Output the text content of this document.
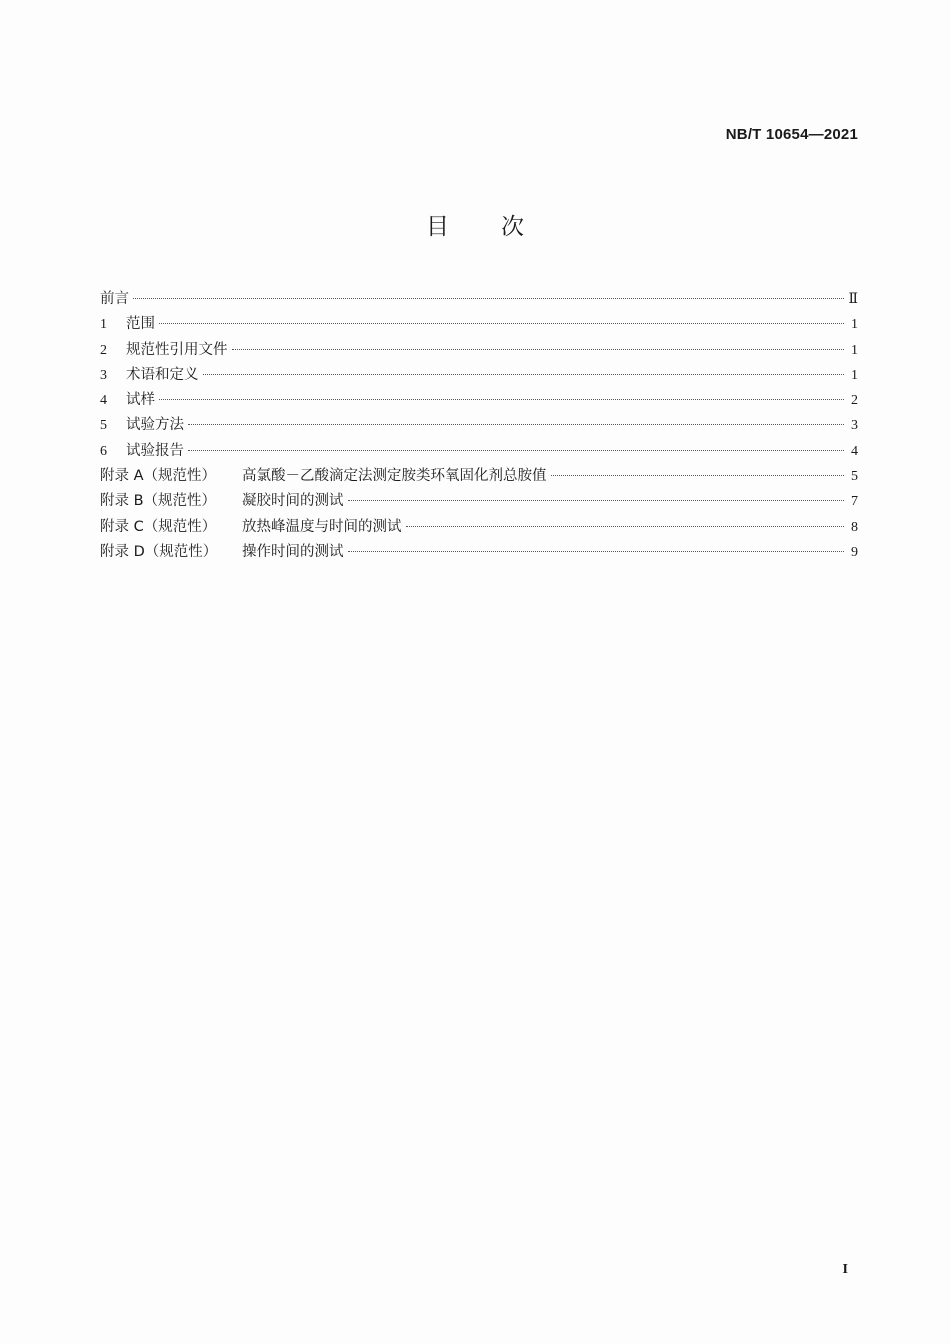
NB/T 10654—2021
目次
前言	Ⅱ
1	范围	1
2	规范性引用文件	1
3	术语和定义	1
4	试样	2
5	试验方法	3
6	试验报告	4
附录 A（规范性）	高氯酸－乙酸滴定法测定胺类环氧固化剂总胺值	5
附录 B（规范性）	凝胶时间的测试	7
附录 C（规范性）	放热峰温度与时间的测试	8
附录 D（规范性）	操作时间的测试	9
I
